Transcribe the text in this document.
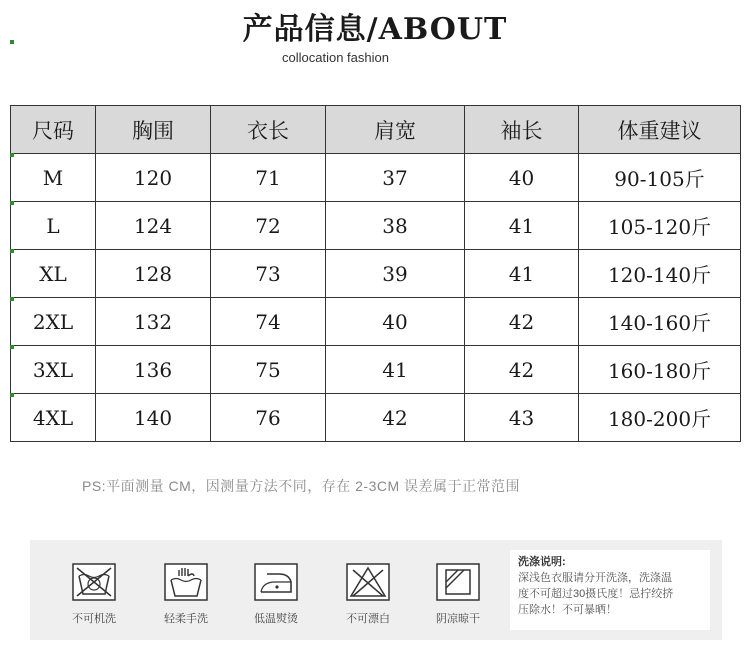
产品信息/ABOUT
collocation fashion
尺码	胸围	衣长	肩宽	袖长	体重建议

M	120	71	37	40	90-105斤

L	124	72	38	41	105-120斤

XL	128	73	39	41	120-140斤

2XL	132	74	40	42	140-160斤

3XL	136	75	41	42	160-180斤

4XL	140	76	42	43	180-200斤
PS:平面测量 CM，因测量方法不同，存在 2-3CM 误差属于正常范围
不可机洗	轻柔手洗	低温熨烫	不可漂白	阴凉晾干
洗涤说明:
深浅色衣服请分开洗涤，洗涤温
度不可超过30摄氏度！忌拧绞挤
压除水！不可暴晒！
